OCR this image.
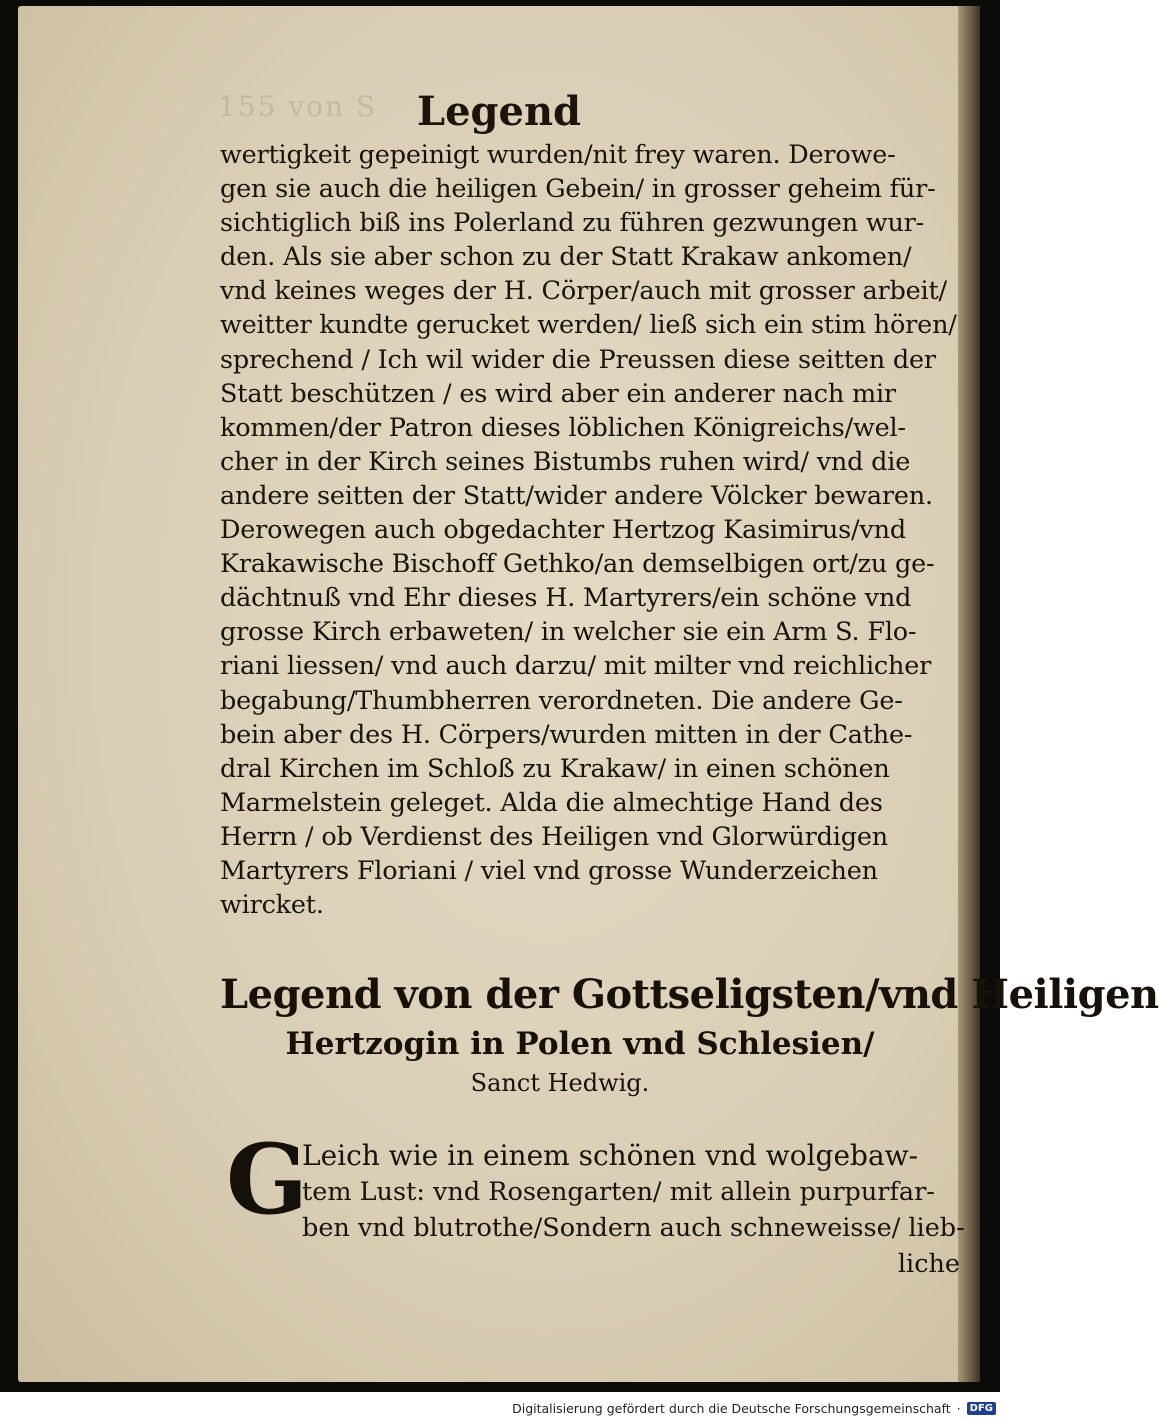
155 von S Legend
wertigkeit gepeinigt wurden/nit frey waren. Derowe-
gen sie auch die heiligen Gebein/ in grosser geheim für-
sichtiglich biß ins Polerland zu führen gezwungen wur-
den. Als sie aber schon zu der Statt Krakaw ankomen/
vnd keines weges der H. Cörper/auch mit grosser arbeit/
weitter kundte gerucket werden/ ließ sich ein stim hören/
sprechend / Ich wil wider die Preussen diese seitten der
Statt beschützen / es wird aber ein anderer nach mir
kommen/der Patron dieses löblichen Königreichs/wel-
cher in der Kirch seines Bistumbs ruhen wird/ vnd die
andere seitten der Statt/wider andere Völcker bewaren.
Derowegen auch obgedachter Hertzog Kasimirus/vnd
Krakawische Bischoff Gethko/an demselbigen ort/zu ge-
dächtnuß vnd Ehr dieses H. Martyrers/ein schöne vnd
grosse Kirch erbaweten/ in welcher sie ein Arm S. Flo-
riani liessen/ vnd auch darzu/ mit milter vnd reichlicher
begabung/Thumbherren verordneten. Die andere Ge-
bein aber des H. Cörpers/wurden mitten in der Cathe-
dral Kirchen im Schloß zu Krakaw/ in einen schönen
Marmelstein geleget. Alda die almechtige Hand des
Herrn / ob Verdienst des Heiligen vnd Glorwürdigen
Martyrers Floriani / viel vnd grosse Wunderzeichen
wircket.
Legend von der Gottseligsten/vnd Heiligen
Hertzogin in Polen vnd Schlesien/
Sanct Hedwig.
G
Leich wie in einem schönen vnd wolgebaw-
tem Lust: vnd Rosengarten/ mit allein purpurfar-
ben vnd blutrothe/Sondern auch schneweisse/ lieb-
liche
Digitalisierung gefördert durch die Deutsche Forschungsgemeinschaft · DFG
